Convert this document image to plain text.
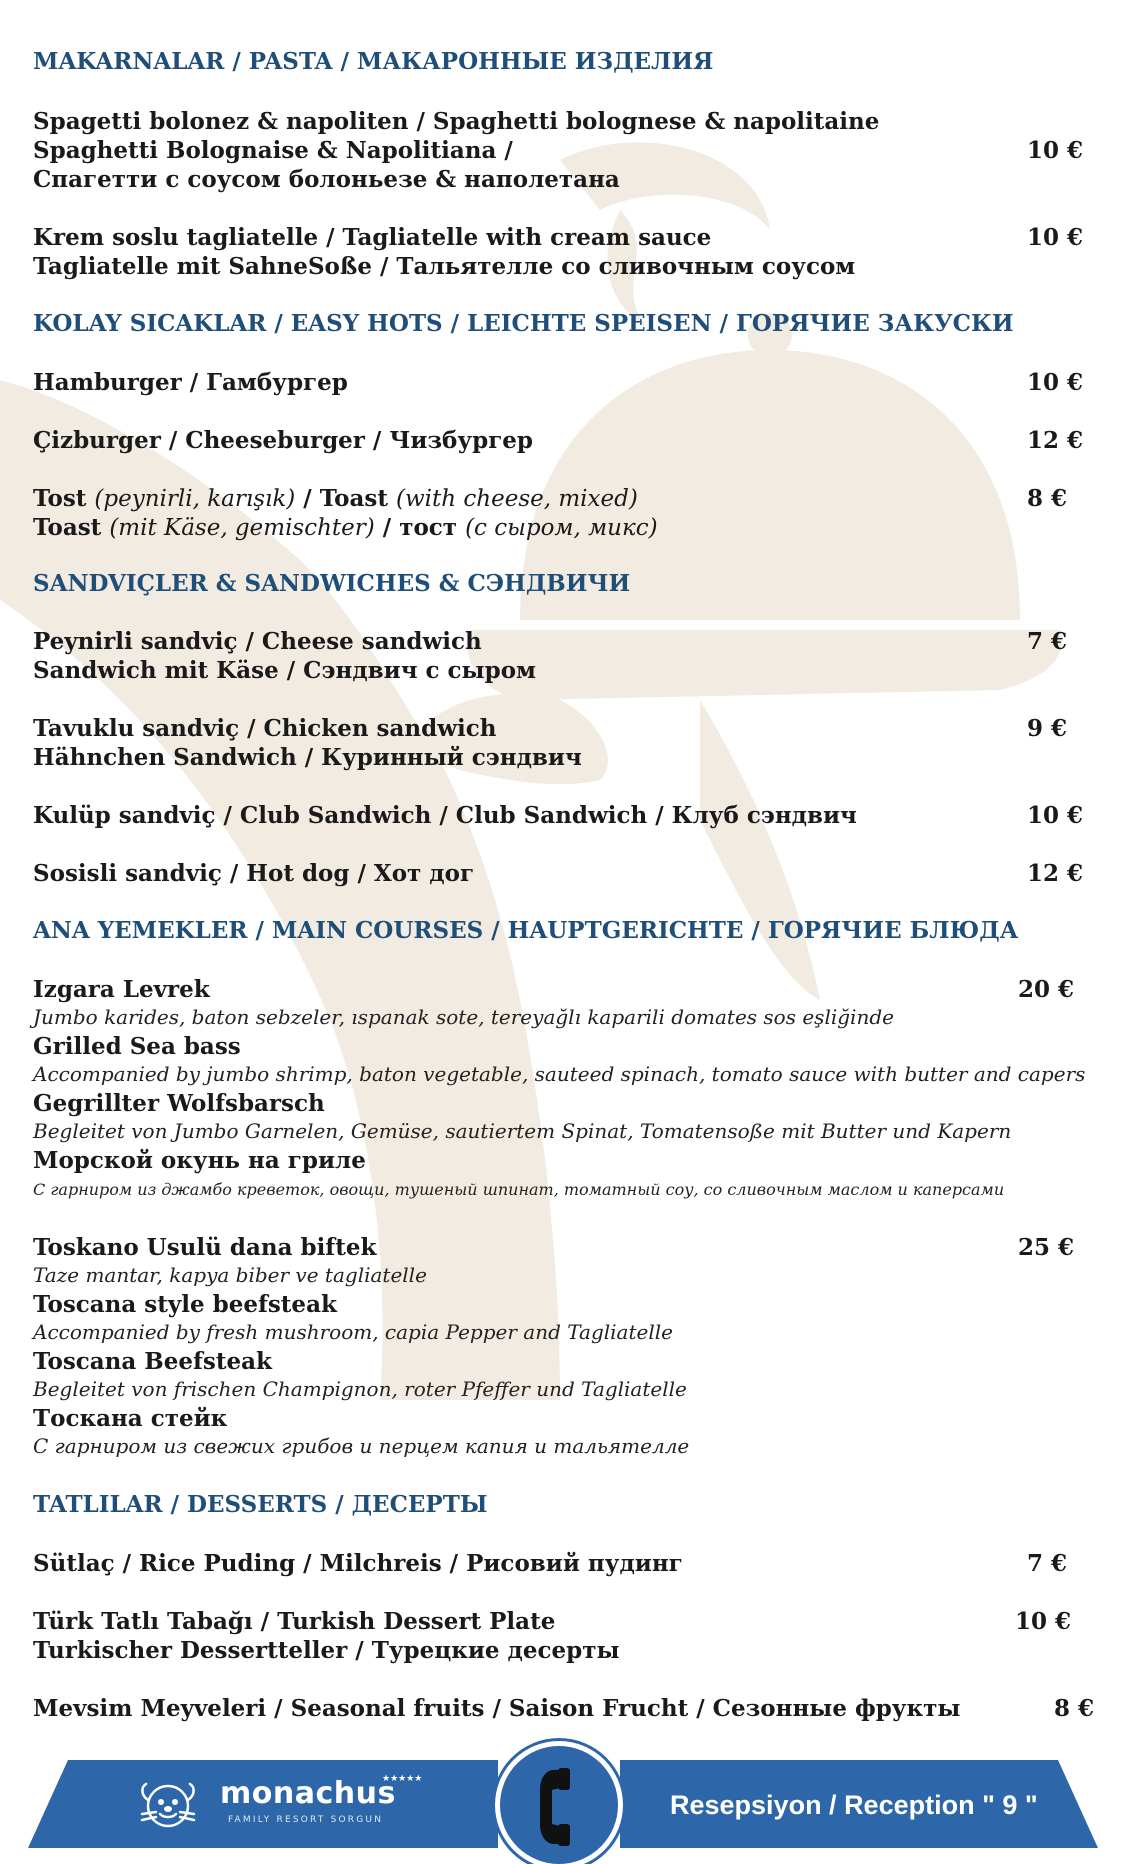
MAKARNALAR / PASTA / МАКАРОННЫЕ ИЗДЕЛИЯ
Spagetti bolonez & napoliten / Spaghetti bolognese & napolitaine
Spaghetti Bolognaise & Napolitiana /
Спагетти с соусом болоньезе & наполетана
10 €
Krem soslu tagliatelle / Tagliatelle with cream sauce
Tagliatelle mit SahneSoße / Тальятелле со сливочным соусом
10 €
KOLAY SICAKLAR / EASY HOTS / LEICHTE SPEISEN / ГОРЯЧИЕ ЗАКУСКИ
Hamburger / Гамбургер	10 €
Çizburger / Cheeseburger / Чизбургер	12 €
Tost (peynirli, karışık) / Toast (with cheese, mixed)
Toast (mit Käse, gemischter) / тост (с сыром, микс)
8 €
SANDVIÇLER & SANDWICHES & СЭНДВИЧИ
Peynirli sandviç / Cheese sandwich
Sandwich mit Käse / Сэндвич с сыром
7 €
Tavuklu sandviç / Chicken sandwich
Hähnchen Sandwich / Куринный сэндвич
9 €
Kulüp sandviç / Club Sandwich / Club Sandwich / Клуб сэндвич	10 €
Sosisli sandviç / Hot dog / Хот дог	12 €
ANA YEMEKLER / MAIN COURSES / HAUPTGERICHTE / ГОРЯЧИЕ БЛЮДА
Izgara Levrek	20 €
Jumbo karides, baton sebzeler, ıspanak sote, tereyağlı kaparili domates sos eşliğinde
Grilled Sea bass
Accompanied by jumbo shrimp, baton vegetable, sauteed spinach, tomato sauce with butter and capers
Gegrillter Wolfsbarsch
Begleitet von Jumbo Garnelen, Gemüse, sautiertem Spinat, Tomatensoße mit Butter und Kapern
Морской окунь на гриле
С гарниром из джамбо креветок, овощи, тушеный шпинат, томатный соу, со сливочным маслом и каперсами
Toskano Usulü dana biftek	25 €
Taze mantar, kapya biber ve tagliatelle
Toscana style beefsteak
Accompanied by fresh mushroom, capia Pepper and Tagliatelle
Toscana Beefsteak
Begleitet von frischen Champignon, roter Pfeffer und Tagliatelle
Тоскана стейк
С гарниром из свежих грибов и перцем капия и тальятелле
TATLILAR / DESSERTS / ДЕСЕРТЫ
Sütlaç / Rice Puding / Milchreis / Рисовий пудинг	7 €
Türk Tatlı Tabağı / Turkish Dessert Plate
Turkischer Dessertteller / Турецкие десерты
10 €
Mevsim Meyveleri / Seasonal fruits / Saison Frucht / Сезонные фрукты	8 €
monachus
★★★★★
FAMILY RESORT SORGUN	Resepsiyon / Reception " 9 "
